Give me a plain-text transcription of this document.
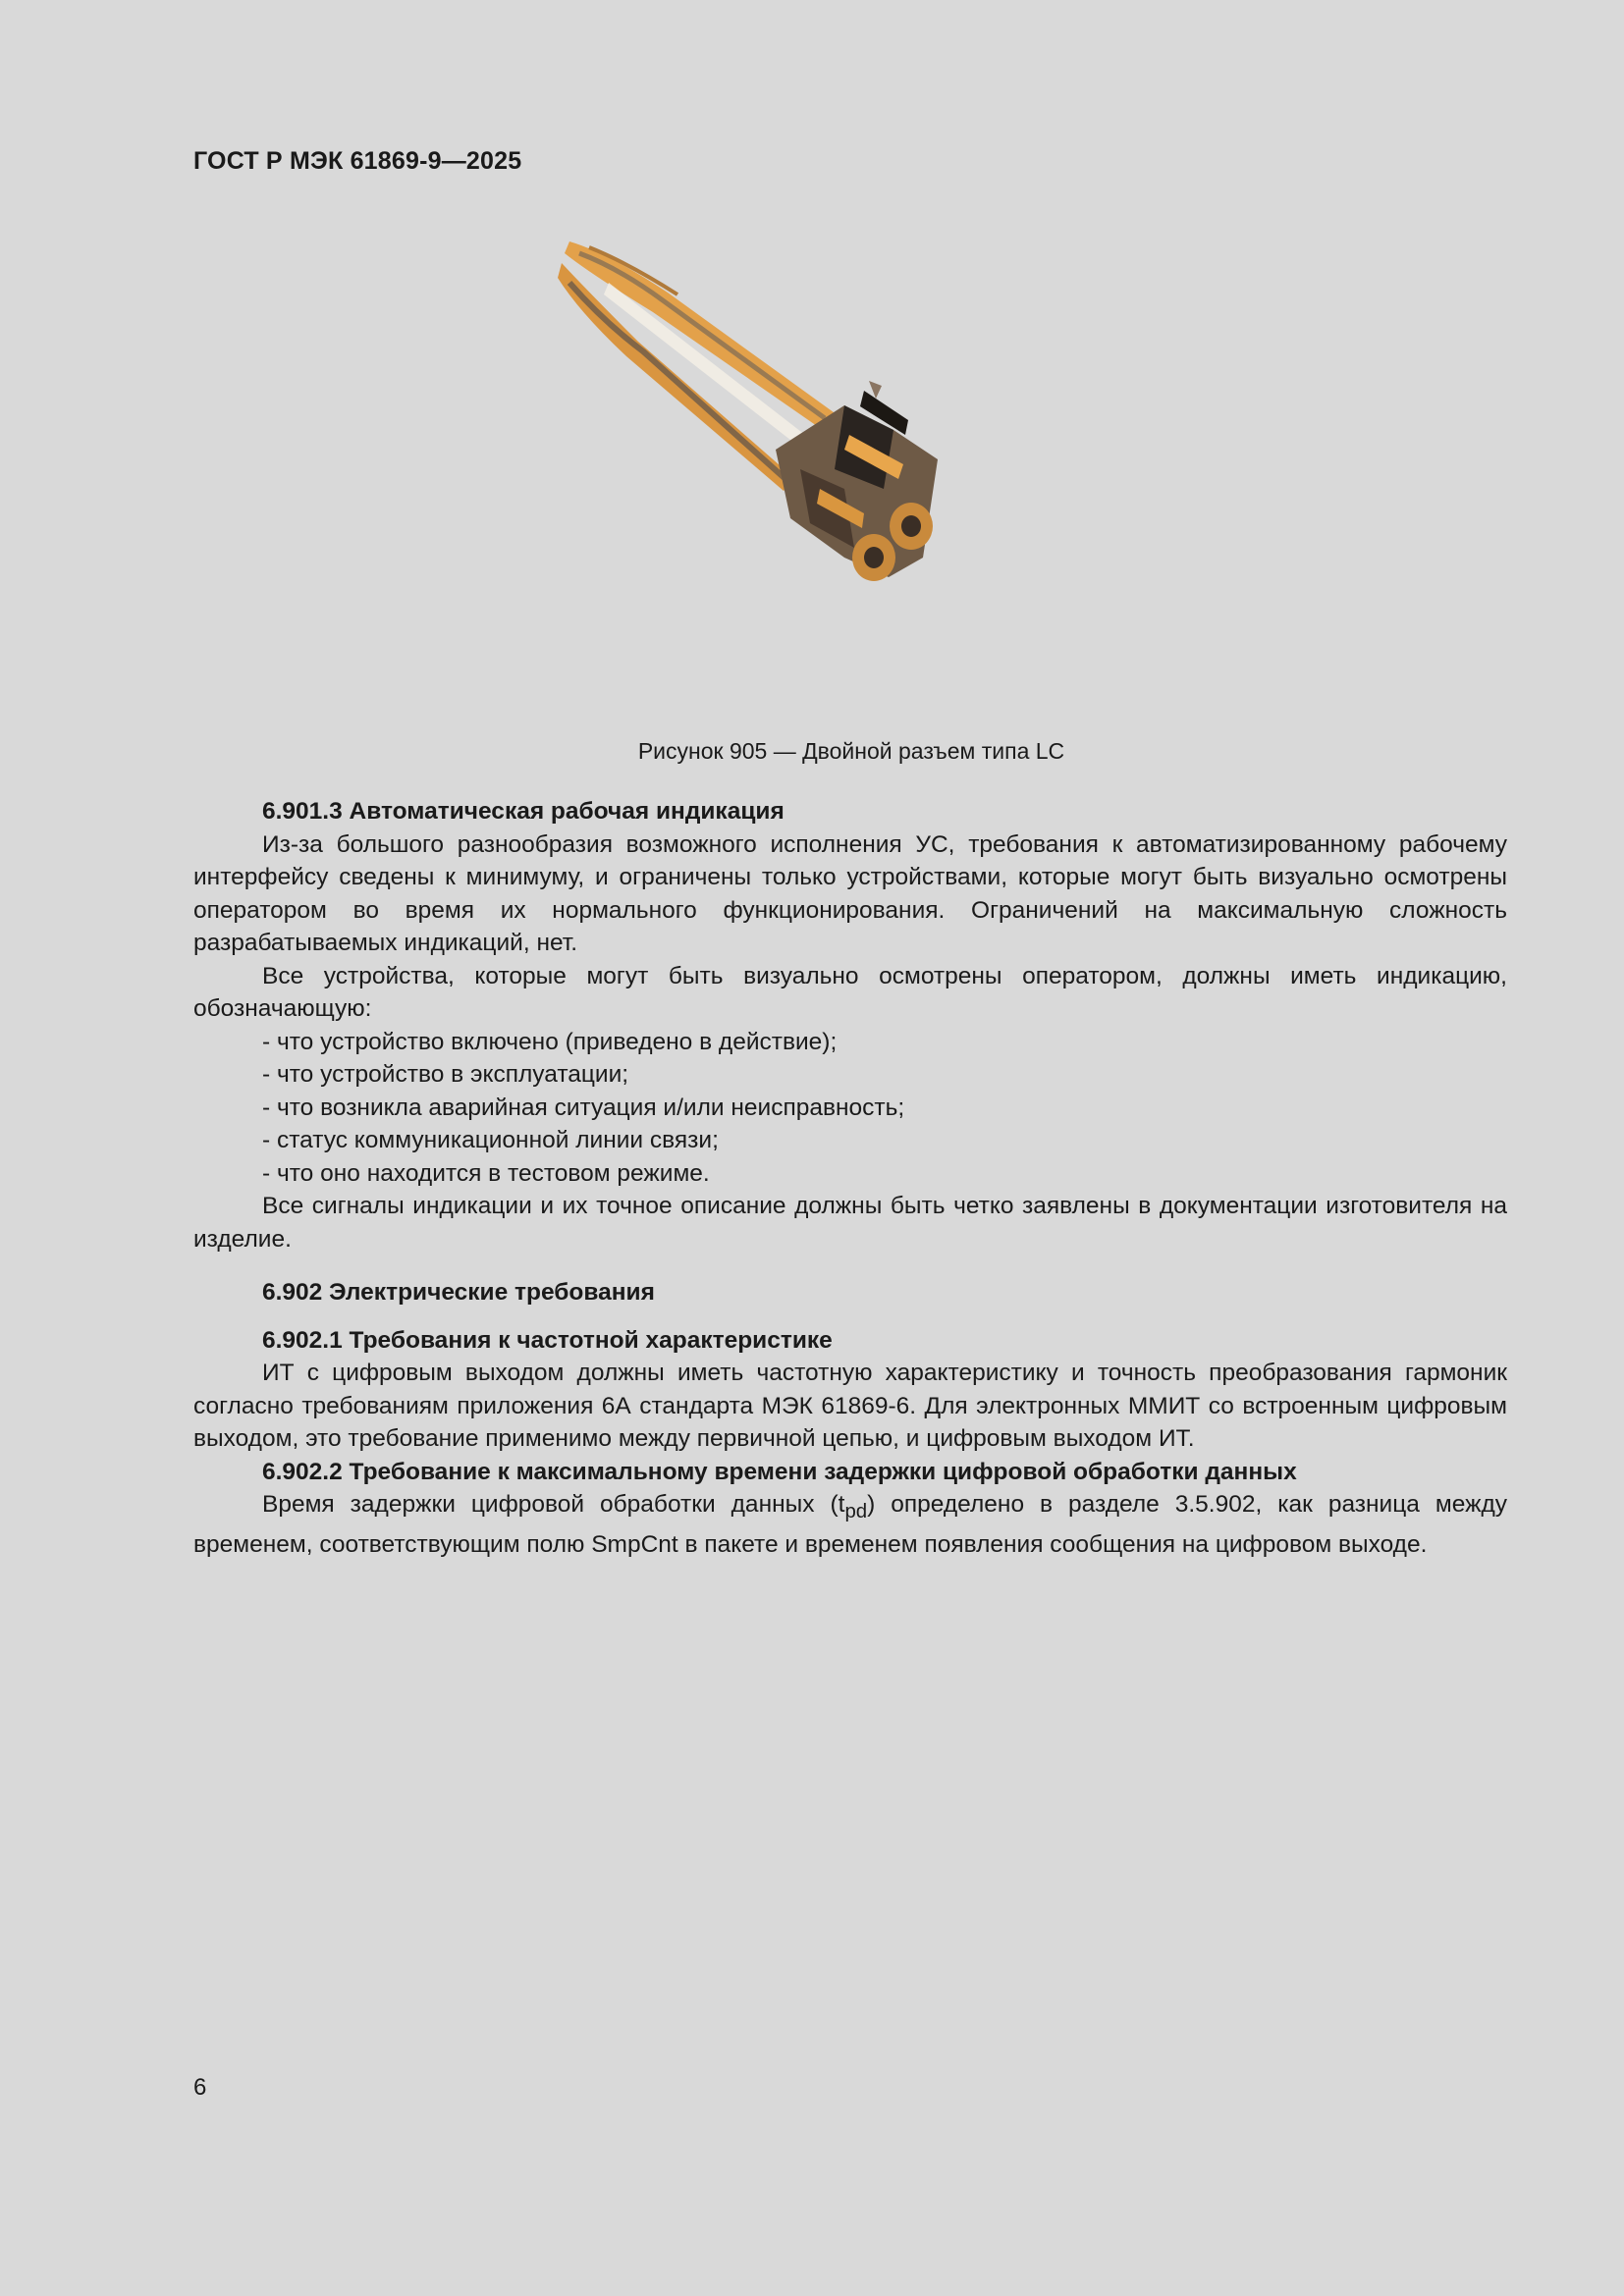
ГОСТ Р МЭК 61869-9—2025
Рисунок 905 — Двойной разъем типа LC
6.901.3 Автоматическая рабочая индикация

Из-за большого разнообразия возможного исполнения УС, требования к автоматизированному рабочему интерфейсу сведены к минимуму, и ограничены только устройствами, которые могут быть визуально осмотрены оператором во время их нормального функционирования. Ограничений на максимальную сложность разрабатываемых индикаций, нет.

Все устройства, которые могут быть визуально осмотрены оператором, должны иметь индикацию, обозначающую:

- что устройство включено (приведено в действие);
- что устройство в эксплуатации;
- что возникла аварийная ситуация и/или неисправность;
- статус коммуникационной линии связи;
- что оно находится в тестовом режиме.

Все сигналы индикации и их точное описание должны быть четко заявлены в документации изготовителя на изделие.

6.902 Электрические требования
6.902.1 Требования к частотной характеристике

ИТ с цифровым выходом должны иметь частотную характеристику и точность преобразования гармоник согласно требованиям приложения 6А стандарта МЭК 61869-6. Для электронных ММИТ со встроенным цифровым выходом, это требование применимо между первичной цепью, и цифровым выходом ИТ.

6.902.2 Требование к максимальному времени задержки цифровой обработки данных

Время задержки цифровой обработки данных $(t_{pd})$ определено в разделе 3.5.902, как разница между временем, соответствующим полю SmpCnt в пакете и временем появления сообщения на цифровом выходе.

6
